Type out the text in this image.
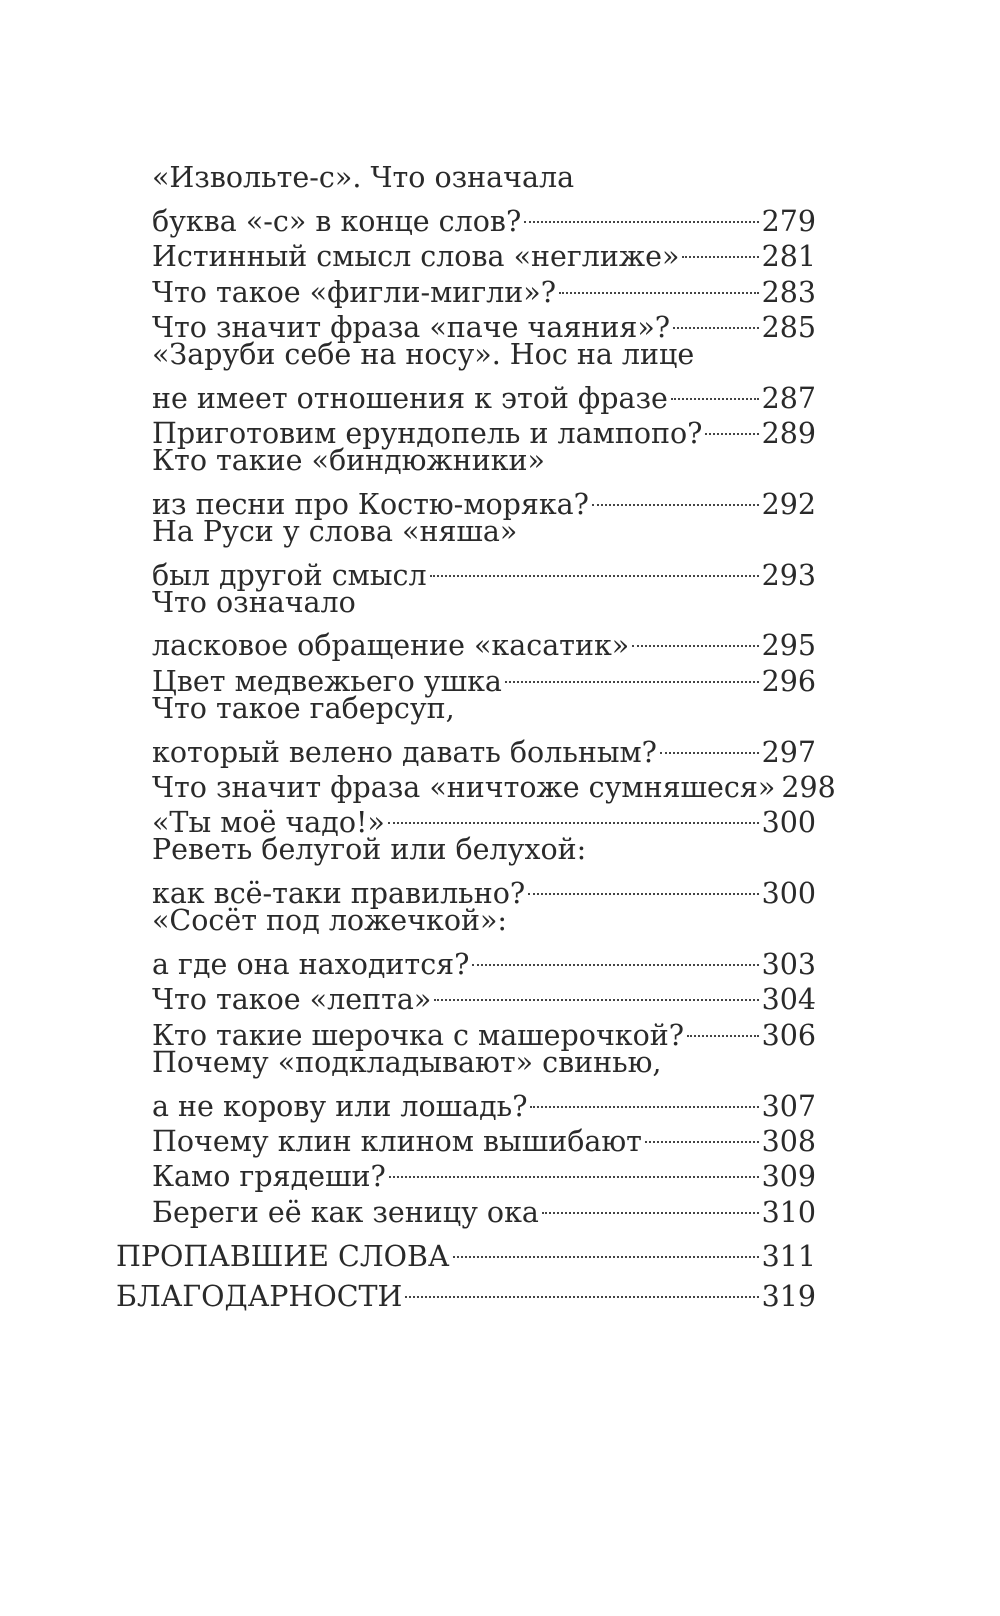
«Извольте-с». Что означала
буква «-с» в конце слов?	279
Истинный смысл слова «неглиже»	281
Что такое «фигли-мигли»?	283
Что значит фраза «паче чаяния»?	285
«Заруби себе на носу». Нос на лице
не имеет отношения к этой фразе	287
Приготовим ерундопель и лампопо? 289
Кто такие «биндюжники»
из песни про Костю-моряка?	292
На Руси у слова «няша»
был другой смысл	293
Что означало
ласковое обращение «касатик»	295
Цвет медвежьего ушка	296
Что такое габерсуп,
который велено давать больным?	297
Что значит фраза «ничтоже сумняшеся» 298
«Ты моё чадо!»	300
Реветь белугой или белухой:
как всё-таки правильно?	300
«Сосёт под ложечкой»:
а где она находится?	303
Что такое «лепта»	304
Кто такие шерочка с машерочкой?	306
Почему «подкладывают» свинью,
а не корову или лошадь?	307
Почему клин клином вышибают	308
Камо грядеши?	309
Береги её как зеницу ока	310
ПРОПАВШИЕ СЛОВА	311
БЛАГОДАРНОСТИ	319
